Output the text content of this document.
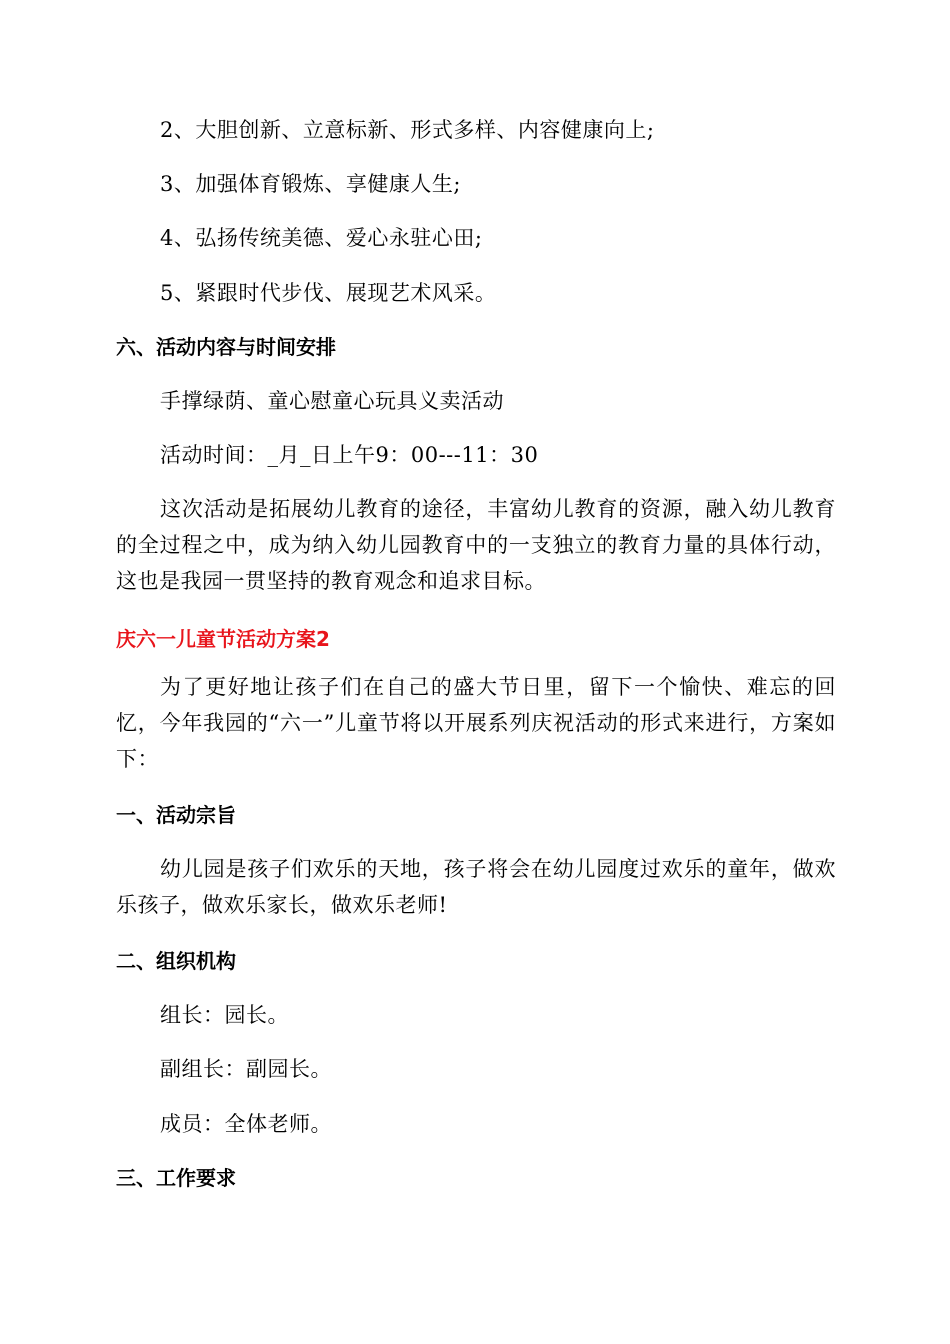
2、大胆创新、立意标新、形式多样、内容健康向上;

3、加强体育锻炼、享健康人生;

4、弘扬传统美德、爱心永驻心田;

5、紧跟时代步伐、展现艺术风采。

六、活动内容与时间安排

手撑绿荫、童心慰童心玩具义卖活动

活动时间：_月_日上午9：00---11：30

这次活动是拓展幼儿教育的途径，丰富幼儿教育的资源，融入幼儿教育的全过程之中，成为纳入幼儿园教育中的一支独立的教育力量的具体行动，这也是我园一贯坚持的教育观念和追求目标。

庆六一儿童节活动方案2

为了更好地让孩子们在自己的盛大节日里，留下一个愉快、难忘的回忆，今年我园的“六一”儿童节将以开展系列庆祝活动的形式来进行，方案如下：

一、活动宗旨

幼儿园是孩子们欢乐的天地，孩子将会在幼儿园度过欢乐的童年，做欢乐孩子，做欢乐家长，做欢乐老师!

二、组织机构

组长：园长。

副组长：副园长。

成员：全体老师。

三、工作要求
